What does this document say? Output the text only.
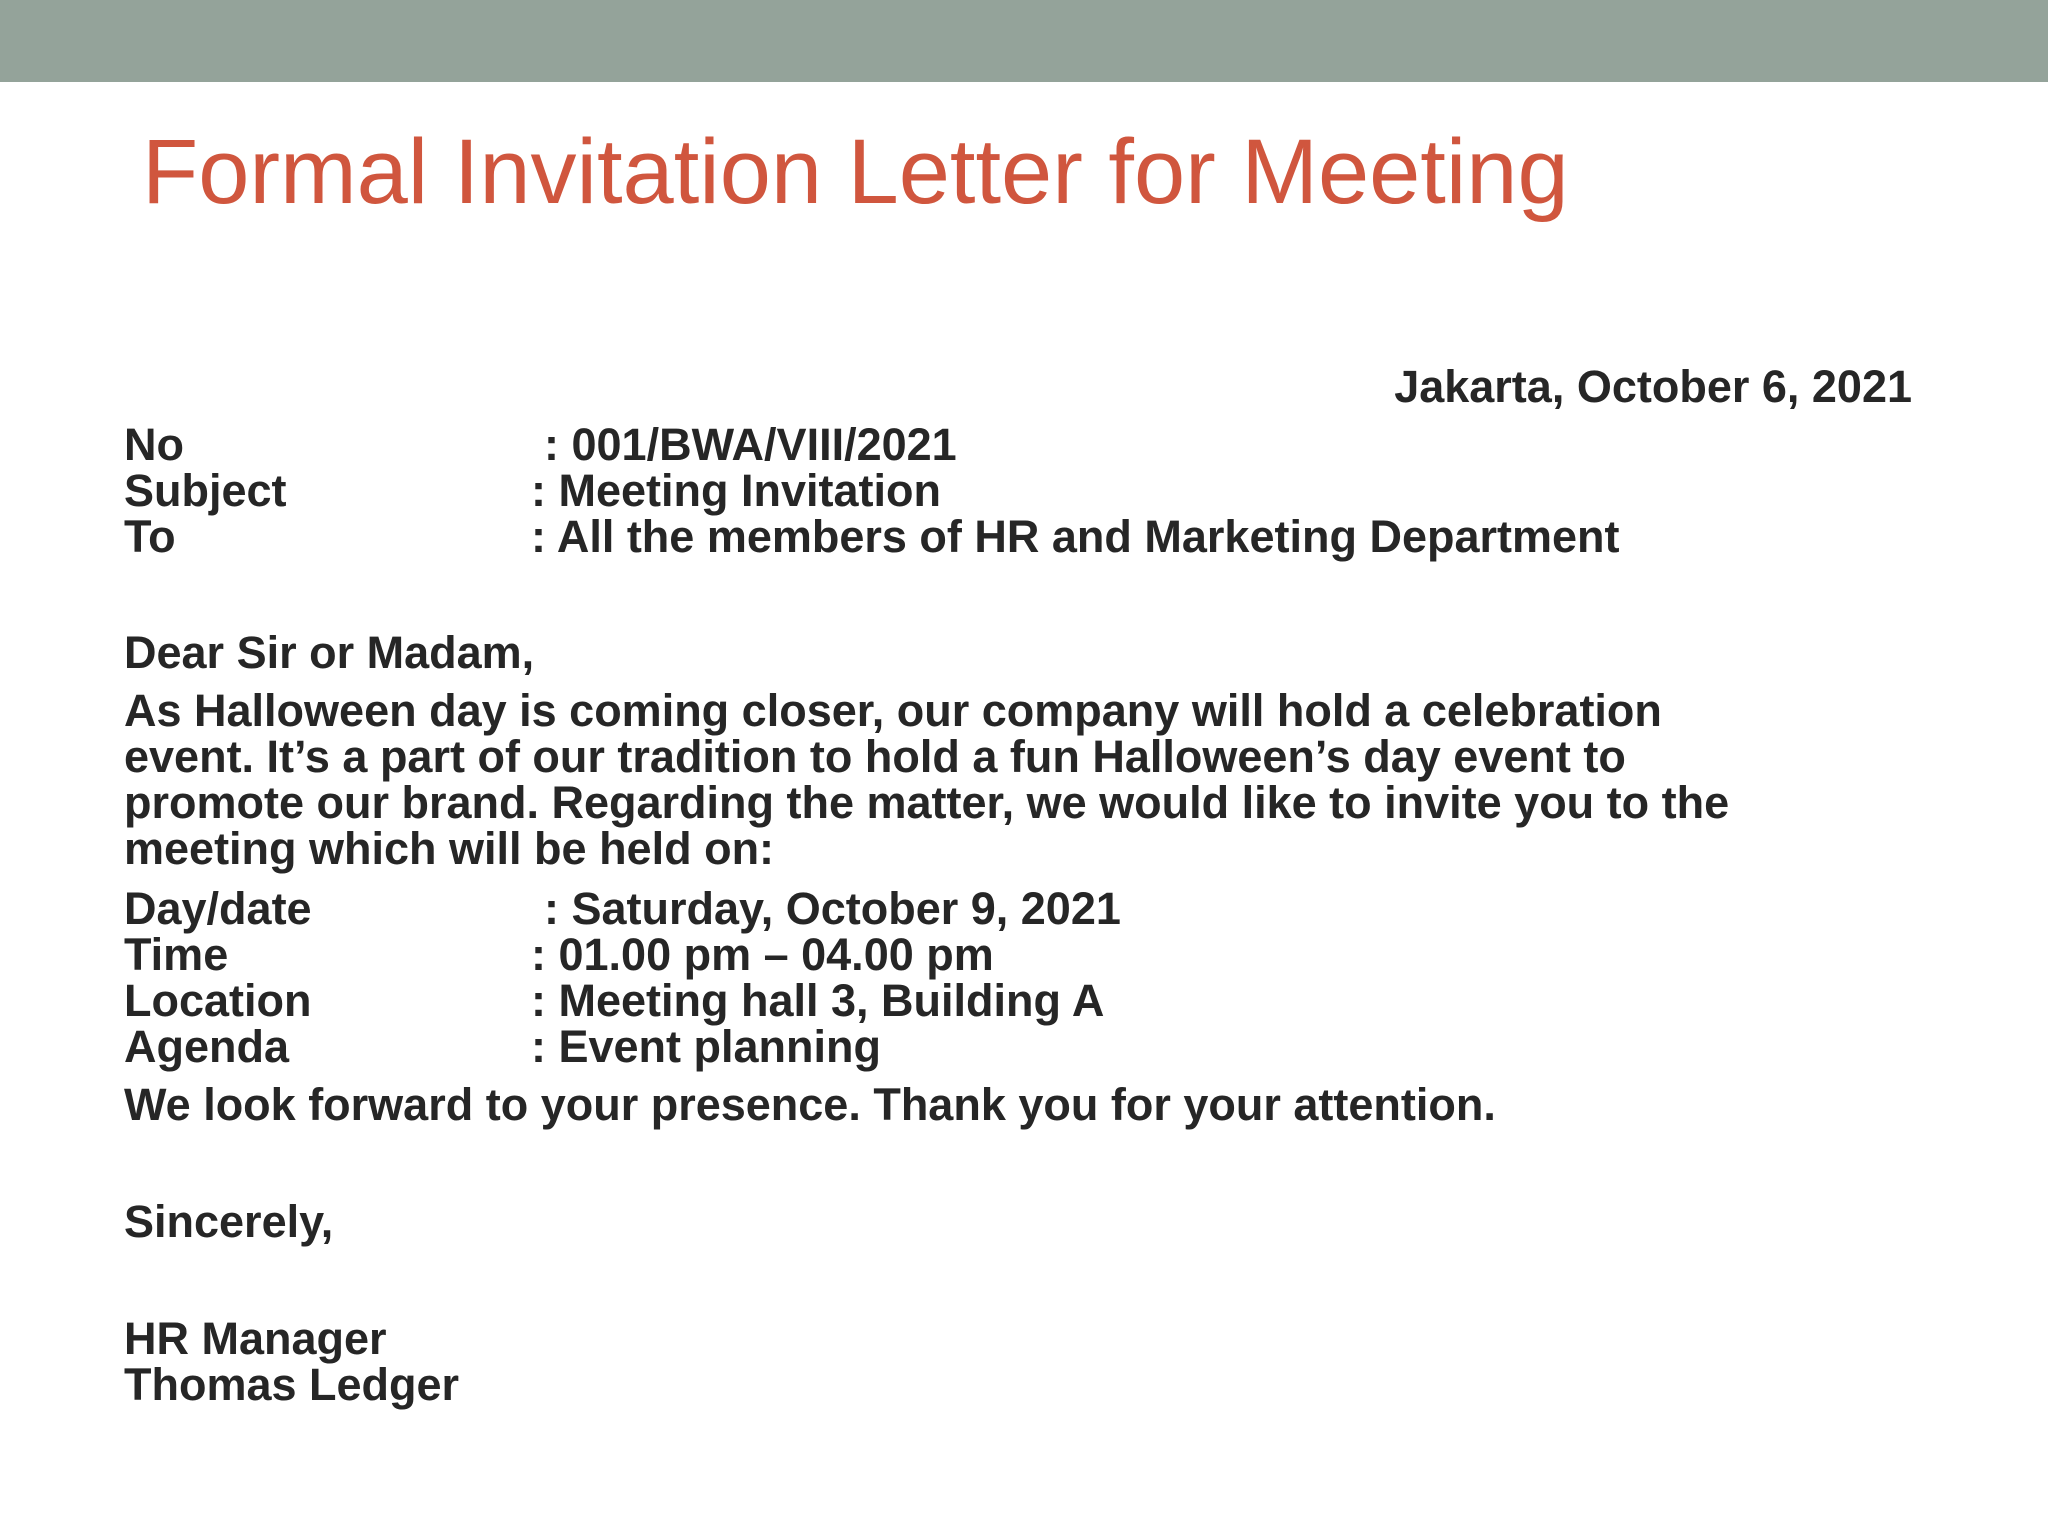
Formal Invitation Letter for Meeting
Jakarta, October 6, 2021
No	: 001/BWA/VIII/2021
Subject	: Meeting Invitation
To	: All the members of HR and Marketing Department
Dear Sir or Madam,
As Halloween day is coming closer, our company will hold a celebration
event. It’s a part of our tradition to hold a fun Halloween’s day event to
promote our brand. Regarding the matter, we would like to invite you to the
meeting which will be held on:
Day/date	: Saturday, October 9, 2021
Time	: 01.00 pm – 04.00 pm
Location	: Meeting hall 3, Building A
Agenda	: Event planning
We look forward to your presence. Thank you for your attention.
Sincerely,
HR Manager
Thomas Ledger
